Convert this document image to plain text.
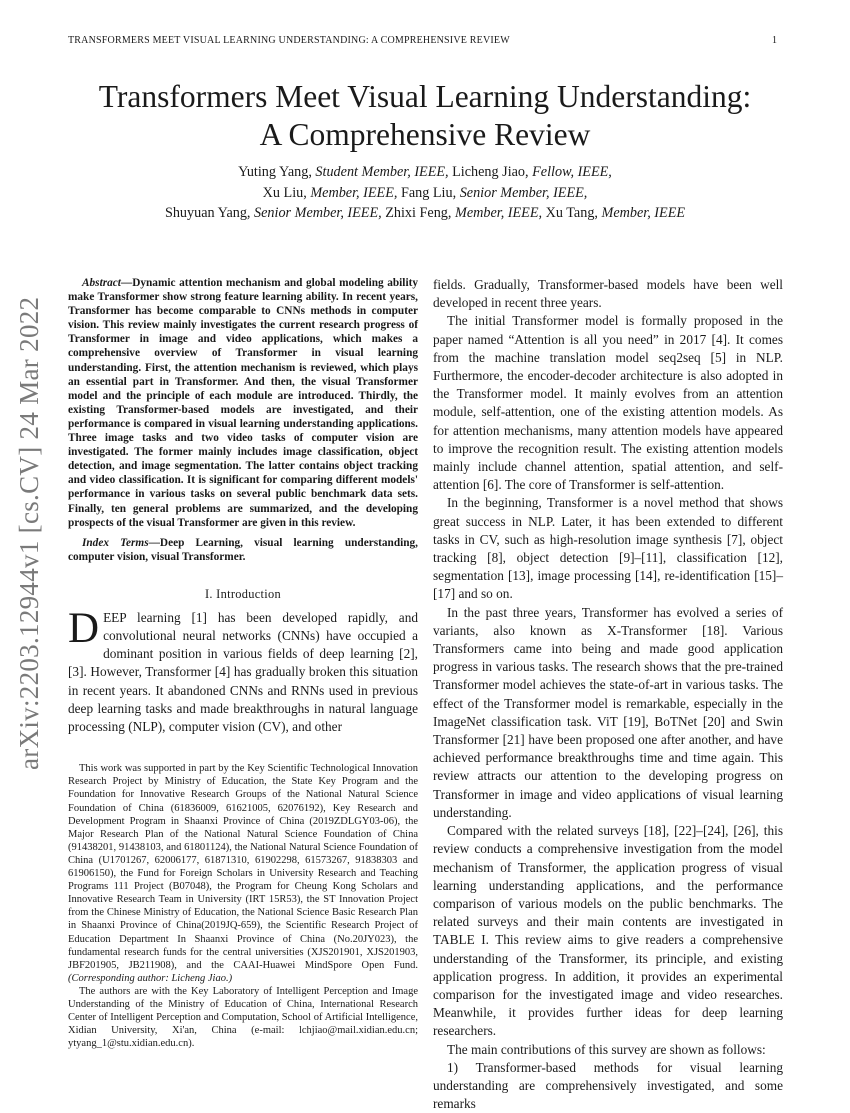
TRANSFORMERS MEET VISUAL LEARNING UNDERSTANDING: A COMPREHENSIVE REVIEW	1
arXiv:2203.12944v1 [cs.CV] 24 Mar 2022
Transformers Meet Visual Learning Understanding:
A Comprehensive Review
Yuting Yang, Student Member, IEEE, Licheng Jiao, Fellow, IEEE,
Xu Liu, Member, IEEE, Fang Liu, Senior Member, IEEE,
Shuyuan Yang, Senior Member, IEEE, Zhixi Feng, Member, IEEE, Xu Tang, Member, IEEE

Abstract—Dynamic attention mechanism and global modeling ability make Transformer show strong feature learning ability. In recent years, Transformer has become comparable to CNNs methods in computer vision. This review mainly investigates the current research progress of Transformer in image and video applications, which makes a comprehensive overview of Transformer in visual learning understanding. First, the attention mechanism is reviewed, which plays an essential part in Transformer. And then, the visual Transformer model and the principle of each module are introduced. Thirdly, the existing Transformer-based models are investigated, and their performance is compared in visual learning understanding applications. Three image tasks and two video tasks of computer vision are investigated. The former mainly includes image classification, object detection, and image segmentation. The latter contains object tracking and video classification. It is significant for comparing different models' performance in various tasks on several public benchmark data sets. Finally, ten general problems are summarized, and the developing prospects of the visual Transformer are given in this review.

Index Terms—Deep Learning, visual learning understanding, computer vision, visual Transformer.

I. Introduction

DEEP learning [1] has been developed rapidly, and convolutional neural networks (CNNs) have occupied a dominant position in various fields of deep learning [2], [3]. However, Transformer [4] has gradually broken this situation in recent years. It abandoned CNNs and RNNs used in previous deep learning tasks and made breakthroughs in natural language processing (NLP), computer vision (CV), and other

This work was supported in part by the Key Scientific Technological Innovation Research Project by Ministry of Education, the State Key Program and the Foundation for Innovative Research Groups of the National Natural Science Foundation of China (61836009, 61621005, 62076192), Key Research and Development Program in Shaanxi Province of China (2019ZDLGY03-06), the Major Research Plan of the National Natural Science Foundation of China (91438201, 91438103, and 61801124), the National Natural Science Foundation of China (U1701267, 62006177, 61871310, 61902298, 61573267, 91838303 and 61906150), the Fund for Foreign Scholars in University Research and Teaching Programs 111 Project (B07048), the Program for Cheung Kong Scholars and Innovative Research Team in University (IRT 15R53), the ST Innovation Project from the Chinese Ministry of Education, the National Science Basic Research Plan in Shaanxi Province of China(2019JQ-659), the Scientific Research Project of Education Department In Shaanxi Province of China (No.20JY023), the fundamental research funds for the central universities (XJS201901, XJS201903, JBF201905, JB211908), and the CAAI-Huawei MindSpore Open Fund.(Corresponding author: Licheng Jiao.)

The authors are with the Key Laboratory of Intelligent Perception and Image Understanding of the Ministry of Education of China, International Research Center of Intelligent Perception and Computation, School of Artificial Intelligence, Xidian University, Xi'an, China (e-mail: lchjiao@mail.xidian.edu.cn; ytyang_1@stu.xidian.edu.cn).

fields. Gradually, Transformer-based models have been well developed in recent three years.

The initial Transformer model is formally proposed in the paper named “Attention is all you need” in 2017 [4]. It comes from the machine translation model seq2seq [5] in NLP. Furthermore, the encoder-decoder architecture is also adopted in the Transformer model. It mainly evolves from an attention module, self-attention, one of the existing attention models. As for attention mechanisms, many attention models have appeared to improve the recognition result. The existing attention models mainly include channel attention, spatial attention, and self-attention [6]. The core of Transformer is self-attention.

In the beginning, Transformer is a novel method that shows great success in NLP. Later, it has been extended to different tasks in CV, such as high-resolution image synthesis [7], object tracking [8], object detection [9]–[11], classification [12], segmentation [13], image processing [14], re-identification [15]–[17] and so on.

In the past three years, Transformer has evolved a series of variants, also known as X-Transformer [18]. Various Transformers came into being and made good application progress in various tasks. The research shows that the pre-trained Transformer model achieves the state-of-art in various tasks. The effect of the Transformer model is remarkable, especially in the ImageNet classification task. ViT [19], BoTNet [20] and Swin Transformer [21] have been proposed one after another, and have achieved performance breakthroughs time and time again. This review attracts our attention to the developing progress on Transformer in image and video applications of visual learning understanding.

Compared with the related surveys [18], [22]–[24], [26], this review conducts a comprehensive investigation from the model mechanism of Transformer, the application progress of visual learning understanding applications, and the performance comparison of various models on the public benchmarks. The related surveys and their main contents are investigated in TABLE I. This review aims to give readers a comprehensive understanding of the Transformer, its principle, and existing application progress. In addition, it provides an experimental comparison for the investigated image and video researches. Meanwhile, it provides further ideas for deep learning researchers.

The main contributions of this survey are shown as follows:

1) Transformer-based methods for visual learning understanding are comprehensively investigated, and some remarks
